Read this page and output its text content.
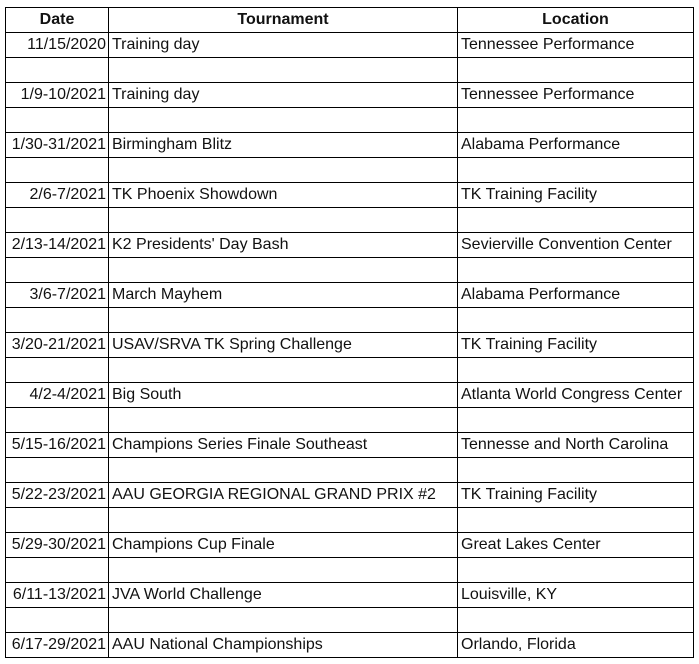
Date	Tournament	Location
11/15/2020	Training day	Tennessee Performance

1/9-10/2021	Training day	Tennessee Performance

1/30-31/2021	Birmingham Blitz	Alabama Performance

2/6-7/2021	TK Phoenix Showdown	TK Training Facility

2/13-14/2021	K2 Presidents' Day Bash	Sevierville Convention Center

3/6-7/2021	March Mayhem	Alabama Performance

3/20-21/2021	USAV/SRVA TK Spring Challenge	TK Training Facility

4/2-4/2021	Big South	Atlanta World Congress Center

5/15-16/2021	Champions Series Finale Southeast	Tennesse and North Carolina

5/22-23/2021	AAU GEORGIA REGIONAL GRAND PRIX #2	TK Training Facility

5/29-30/2021	Champions Cup Finale	Great Lakes Center

6/11-13/2021	JVA World Challenge	Louisville, KY

6/17-29/2021	AAU National Championships	Orlando, Florida
